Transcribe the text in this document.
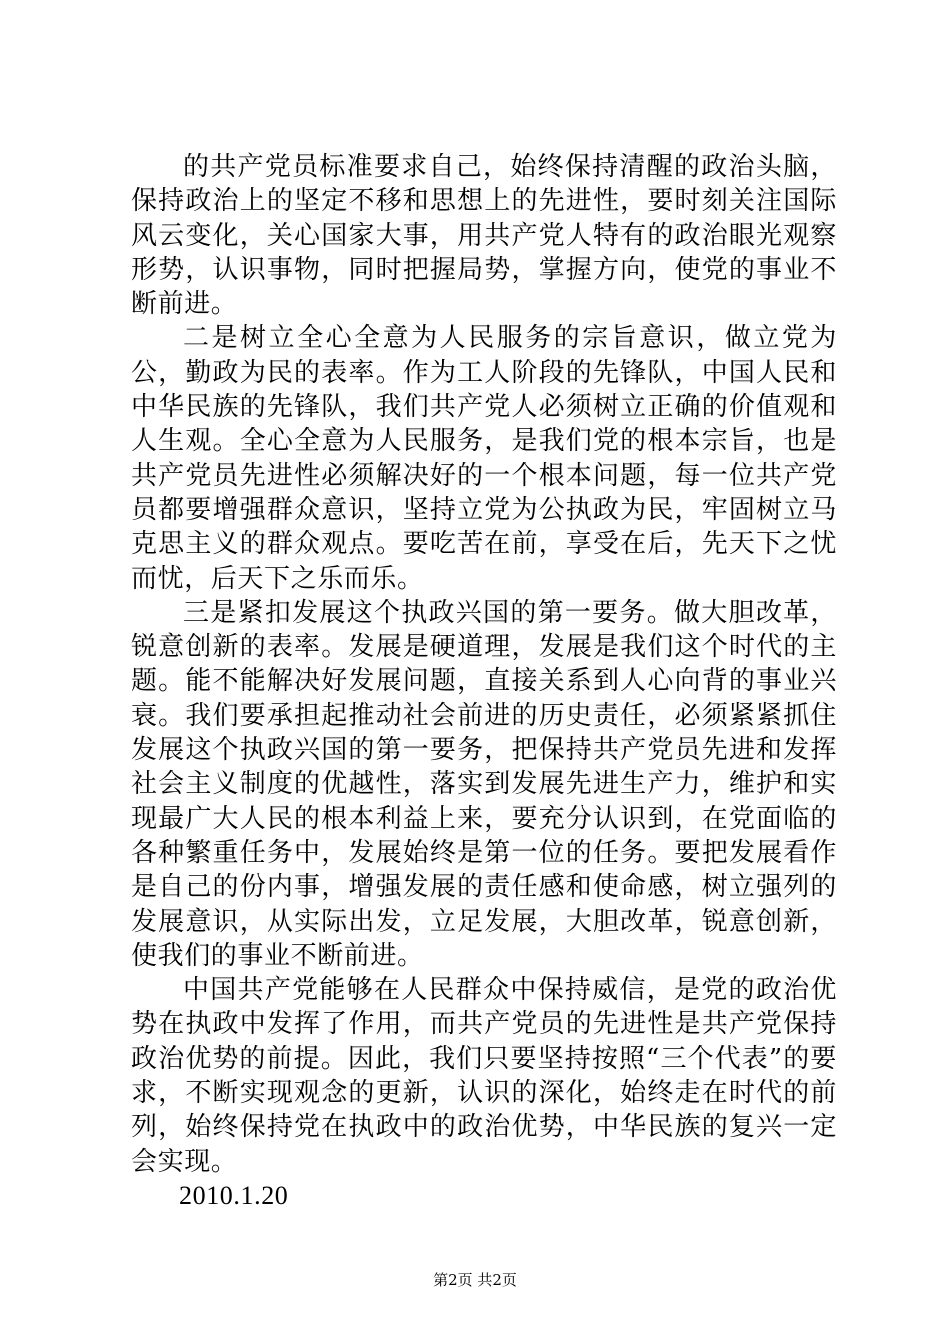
的共产党员标准要求自己，始终保持清醒的政治头脑，保持政治上的坚定不移和思想上的先进性，要时刻关注国际风云变化，关心国家大事，用共产党人特有的政治眼光观察形势，认识事物，同时把握局势，掌握方向，使党的事业不断前进。

二是树立全心全意为人民服务的宗旨意识，做立党为公，勤政为民的表率。作为工人阶段的先锋队，中国人民和中华民族的先锋队，我们共产党人必须树立正确的价值观和人生观。全心全意为人民服务，是我们党的根本宗旨，也是共产党员先进性必须解决好的一个根本问题，每一位共产党员都要增强群众意识，坚持立党为公执政为民，牢固树立马克思主义的群众观点。要吃苦在前，享受在后，先天下之忧而忧，后天下之乐而乐。

三是紧扣发展这个执政兴国的第一要务。做大胆改革，锐意创新的表率。发展是硬道理，发展是我们这个时代的主题。能不能解决好发展问题，直接关系到人心向背的事业兴衰。我们要承担起推动社会前进的历史责任，必须紧紧抓住发展这个执政兴国的第一要务，把保持共产党员先进和发挥社会主义制度的优越性，落实到发展先进生产力，维护和实现最广大人民的根本利益上来，要充分认识到，在党面临的各种繁重任务中，发展始终是第一位的任务。要把发展看作是自己的份内事，增强发展的责任感和使命感，树立强列的发展意识，从实际出发，立足发展，大胆改革，锐意创新，使我们的事业不断前进。

中国共产党能够在人民群众中保持威信，是党的政治优势在执政中发挥了作用，而共产党员的先进性是共产党保持政治优势的前提。因此，我们只要坚持按照“三个代表”的要求，不断实现观念的更新，认识的深化，始终走在时代的前列，始终保持党在执政中的政治优势，中华民族的复兴一定会实现。

2010.1.20
第2页 共2页
